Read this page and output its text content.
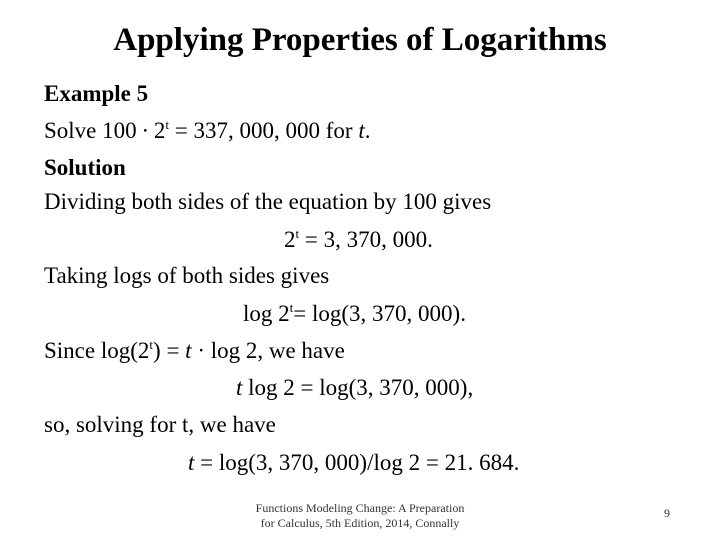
Applying Properties of Logarithms
Example 5
Solve $100 \cdot 2^t = 337$, 000, 000 for t.
Solution
Dividing both sides of the equation by 100 gives
$2^t = 3$, 370, 000.
Taking logs of both sides gives
$\log 2^t= \log(3$, 370, 000).
Since $\log(2^t) = t \cdot \log 2$, we have
t log 2 = log(3, 370, 000),
so, solving for t, we have
t = log(3, 370, 000)/log 2 = 21. 684.
Functions Modeling Change: A Preparation
for Calculus, 5th Edition, 2014, Connally
9
